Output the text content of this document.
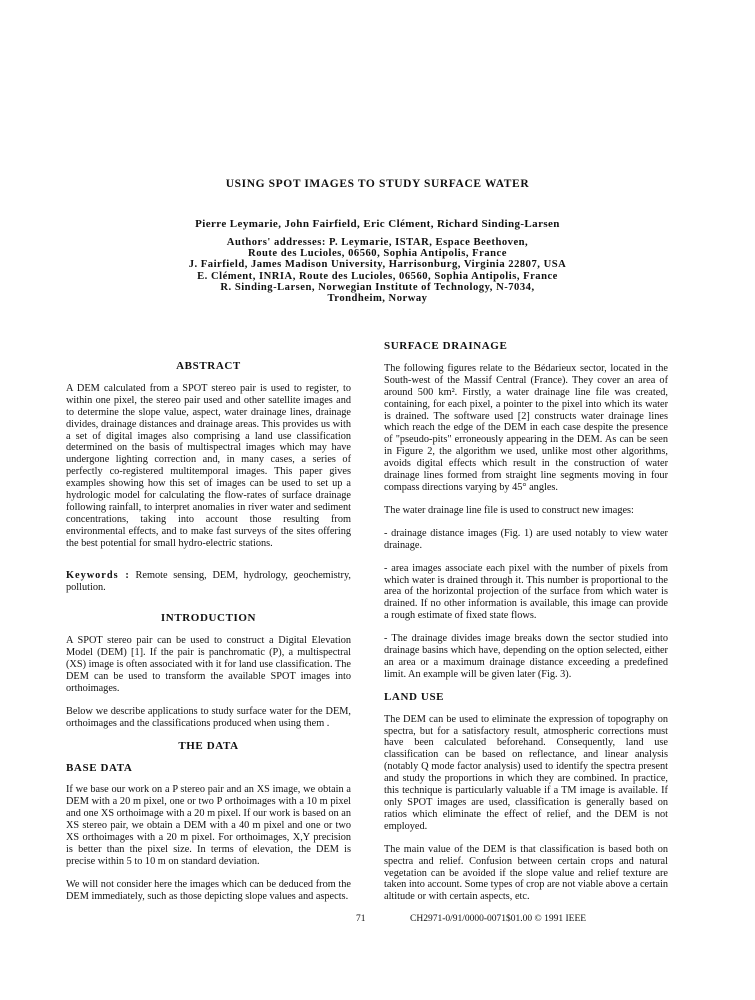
USING SPOT IMAGES TO STUDY SURFACE WATER
Pierre Leymarie, John Fairfield, Eric Clément, Richard Sinding-Larsen
Authors' addresses: P. Leymarie, ISTAR, Espace Beethoven,
Route des Lucioles, 06560, Sophia Antipolis, France
J. Fairfield, James Madison University, Harrisonburg, Virginia 22807, USA
E. Clément, INRIA, Route des Lucioles, 06560, Sophia Antipolis, France
R. Sinding-Larsen, Norwegian Institute of Technology, N-7034,
Trondheim, Norway
ABSTRACT

A DEM calculated from a SPOT stereo pair is used to register, to within one pixel, the stereo pair used and other satellite images and to determine the slope value, aspect, water drainage lines, drainage divides, drainage distances and drainage areas. This provides us with a set of digital images also comprising a land use classification determined on the basis of multispectral images which may have undergone lighting correction and, in many cases, a series of perfectly co-registered multitemporal images. This paper gives examples showing how this set of images can be used to set up a hydrologic model for calculating the flow-rates of surface drainage following rainfall, to interpret anomalies in river water and sediment concentrations, taking into account those resulting from environmental effects, and to make fast surveys of the sites offering the best potential for small hydro-electric stations.

Keywords : Remote sensing, DEM, hydrology, geochemistry, pollution.

INTRODUCTION

A SPOT stereo pair can be used to construct a Digital Elevation Model (DEM) [1]. If the pair is panchromatic (P), a multispectral (XS) image is often associated with it for land use classification. The DEM can be used to transform the available SPOT images into orthoimages.

Below we describe applications to study surface water for the DEM, orthoimages and the classifications produced when using them .

THE DATA
BASE DATA

If we base our work on a P stereo pair and an XS image, we obtain a DEM with a 20 m pixel, one or two P orthoimages with a 10 m pixel and one XS orthoimage with a 20 m pixel. If our work is based on an XS stereo pair, we obtain a DEM with a 40 m pixel and one or two XS orthoimages with a 20 m pixel. For orthoimages, X,Y precision is better than the pixel size. In terms of elevation, the DEM is precise within 5 to 10 m on standard deviation.

We will not consider here the images which can be deduced from the DEM immediately, such as those depicting slope values and aspects.

SURFACE DRAINAGE

The following figures relate to the Bédarieux sector, located in the South-west of the Massif Central (France). They cover an area of around 500 km². Firstly, a water drainage line file was created, containing, for each pixel, a pointer to the pixel into which its water is drained. The software used [2] constructs water drainage lines which reach the edge of the DEM in each case despite the presence of "pseudo-pits" erroneously appearing in the DEM. As can be seen in Figure 2, the algorithm we used, unlike most other algorithms, avoids digital effects which result in the construction of water drainage lines formed from straight line segments moving in four compass directions varying by 45° angles.

The water drainage line file is used to construct new images:

- drainage distance images (Fig. 1) are used notably to view water drainage.

- area images associate each pixel with the number of pixels from which water is drained through it. This number is proportional to the area of the horizontal projection of the surface from which water is drained. If no other information is available, this image can provide a rough estimate of fixed state flows.

- The drainage divides image breaks down the sector studied into drainage basins which have, depending on the option selected, either an area or a maximum drainage distance exceeding a predefined limit. An example will be given later (Fig. 3).

LAND USE

The DEM can be used to eliminate the expression of topography on spectra, but for a satisfactory result, atmospheric corrections must have been calculated beforehand. Consequently, land use classification can be based on reflectance, and linear analysis (notably Q mode factor analysis) used to identify the spectra present and study the proportions in which they are combined. In practice, this technique is particularly valuable if a TM image is available. If only SPOT images are used, classification is generally based on ratios which eliminate the effect of relief, and the DEM is not employed.

The main value of the DEM is that classification is based both on spectra and relief. Confusion between certain crops and natural vegetation can be avoided if the slope value and relief texture are taken into account. Some types of crop are not viable above a certain altitude or with certain aspects, etc.

71	CH2971-0/91/0000-0071$01.00 © 1991 IEEE
